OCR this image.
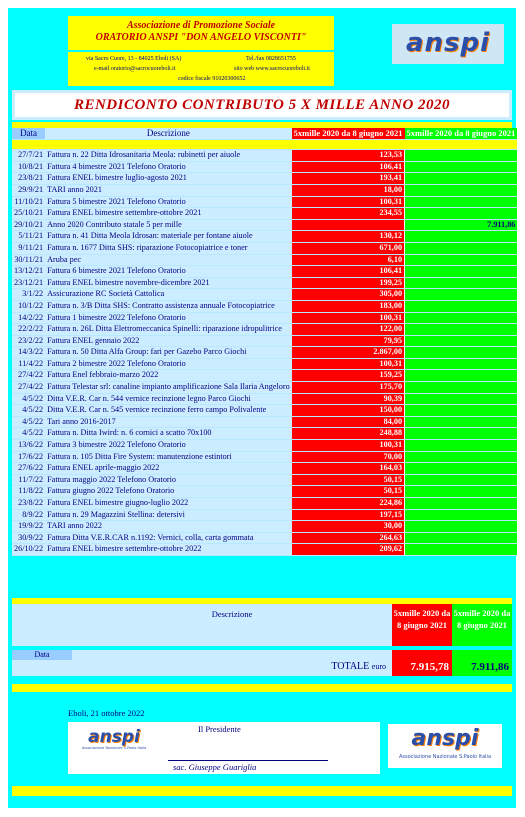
Associazione di Promozione Sociale
ORATORIO ANSPI "DON ANGELO VISCONTI"
via Sacro Cuore, 13 - 84025 Eboli (SA)	Tel./fax 0828651755
e-mail oratorio@sacrocuoreboli.it	sito web www.sacrocuoreboli.it
codice fiscale 91020300652
anspi
RENDICONTO CONTRIBUTO 5 X MILLE ANNO 2020
Data	Descrizione	5xmille 2020 da 8 giugno 2021	5xmille 2020 da 8 giugno 2021

27/7/21	Fattura n. 22 Ditta Idrosanitaria Meola: rubinetti per aiuole	123,53	
10/8/21	Fattura 4 bimestre 2021 Telefono Oratorio	106,41	
23/8/21	Fattura ENEL bimestre luglio-agosto 2021	193,41	
29/9/21	TARI anno 2021	18,00	
11/10/21	Fattura 5 bimestre 2021 Telefono Oratorio	100,31	
25/10/21	Fattura ENEL bimestre settembre-ottobre 2021	234,55	
29/10/21	Anno 2020 Contributo statale 5 per mille		7.911,86
5/11/21	Fattura n. 41 Ditta Meola Idrosan: materiale per fontane aiuole	130,12	
9/11/21	Fattura n. 1677 Ditta SHS: riparazione Fotocopiatrice e toner	671,00	
30/11/21	Aruba pec	6,10	
13/12/21	Fattura 6 bimestre 2021 Telefono Oratorio	106,41	
23/12/21	Fattura ENEL bimestre novembre-dicembre 2021	199,25	
3/1/22	Assicurazione RC Società Cattolica	305,00	
10/1/22	Fattura n. 3/B Ditta SHS: Contratto assistenza annuale Fotocopiatrice	183,00	
14/2/22	Fattura 1 bimestre 2022 Telefono Oratorio	100,31	
22/2/22	Fattura n. 26L Ditta Elettromeccanica Spinelli: riparazione idropulitrice	122,00	
23/2/22	Fattura ENEL gennaio 2022	79,95	
14/3/22	Fattura n. 50 Ditta Alfa Group: fari per Gazebo Parco Giochi	2.867,00	
11/4/22	Fattura 2 bimestre 2022 Telefono Oratorio	100,31	
27/4/22	Fattura Enel febbraio-marzo 2022	159,25	
27/4/22	Fattura Telestar srl: canaline impianto amplificazione Sala Ilaria Angeloro	175,70	
4/5/22	Ditta V.E.R. Car n. 544 vernice recinzione legno Parco Giochi	90,39	
4/5/22	Ditta V.E.R. Car n. 545 vernice recinzione ferro campo Polivalente	150,00	
4/5/22	Tari anno 2016-2017	84,00	
4/5/22	Fattura n. Ditta Iwird: n. 6 cornici a scatto 70x100	248,88	
13/6/22	Fattura 3 bimestre 2022 Telefono Oratorio	100,31	
17/6/22	Fattura n. 105 Ditta Fire System: manutenzione estintori	70,00	
27/6/22	Fattura ENEL aprile-maggio 2022	164,03	
11/7/22	Fattura maggio 2022 Telefono Oratorio	50,15	
11/8/22	Fattura giugno 2022 Telefono Oratorio	50,15	
23/8/22	Fattura ENEL bimestre giugno-luglio 2022	224,86	
8/9/22	Fattura n. 29 Magazzini Stellina: detersivi	197,15	
19/9/22	TARI anno 2022	30,00	
30/9/22	Fattura Ditta V.E.R.CAR n.1192: Vernici, colla, carta gommata	264,63	
26/10/22	Fattura ENEL bimestre settembre-ottobre 2022	209,62	
Descrizione	5xmille 2020 da 8 giugno 2021
5xmille 2020 da 8 giugno 2021
Data
TOTALE euro	7.915,78	7.911,86
Eboli, 21 ottobre 2022
anspi
Associazione Nazionale S.Paolo Italia
Il Presidente
sac. Giuseppe Guariglia
anspi
Associazione Nazionale S.Paolo Italia
